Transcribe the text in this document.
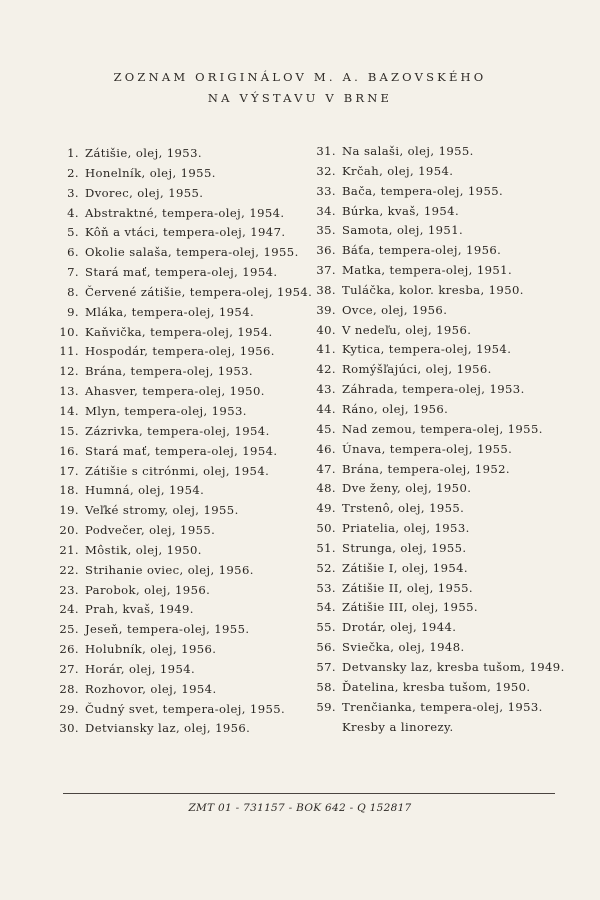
ZOZNAM ORIGINÁLOV M. A. BAZOVSKÉHO
NA VÝSTAVU V BRNE
1. Zátišie, olej, 1953.
2. Honelník, olej, 1955.
3. Dvorec, olej, 1955.
4. Abstraktné, tempera-olej, 1954.
5. Kôň a vtáci, tempera-olej, 1947.
6. Okolie salaša, tempera-olej, 1955.
7. Stará mať, tempera-olej, 1954.
8. Červené zátišie, tempera-olej, 1954.
9. Mláka, tempera-olej, 1954.
10. Kaňvička, tempera-olej, 1954.
11. Hospodár, tempera-olej, 1956.
12. Brána, tempera-olej, 1953.
13. Ahasver, tempera-olej, 1950.
14. Mlyn, tempera-olej, 1953.
15. Zázrivka, tempera-olej, 1954.
16. Stará mať, tempera-olej, 1954.
17. Zátišie s citrónmi, olej, 1954.
18. Humná, olej, 1954.
19. Veľké stromy, olej, 1955.
20. Podvečer, olej, 1955.
21. Môstik, olej, 1950.
22. Strihanie oviec, olej, 1956.
23. Parobok, olej, 1956.
24. Prah, kvaš, 1949.
25. Jeseň, tempera-olej, 1955.
26. Holubník, olej, 1956.
27. Horár, olej, 1954.
28. Rozhovor, olej, 1954.
29. Čudný svet, tempera-olej, 1955.
30. Detviansky laz, olej, 1956.
31. Na salaši, olej, 1955.
32. Krčah, olej, 1954.
33. Bača, tempera-olej, 1955.
34. Búrka, kvaš, 1954.
35. Samota, olej, 1951.
36. Báťa, tempera-olej, 1956.
37. Matka, tempera-olej, 1951.
38. Tuláčka, kolor. kresba, 1950.
39. Ovce, olej, 1956.
40. V nedeľu, olej, 1956.
41. Kytica, tempera-olej, 1954.
42. Romýšľajúci, olej, 1956.
43. Záhrada, tempera-olej, 1953.
44. Ráno, olej, 1956.
45. Nad zemou, tempera-olej, 1955.
46. Únava, tempera-olej, 1955.
47. Brána, tempera-olej, 1952.
48. Dve ženy, olej, 1950.
49. Trstenô, olej, 1955.
50. Priatelia, olej, 1953.
51. Strunga, olej, 1955.
52. Zátišie I, olej, 1954.
53. Zátišie II, olej, 1955.
54. Zátišie III, olej, 1955.
55. Drotár, olej, 1944.
56. Sviečka, olej, 1948.
57. Detvansky laz, kresba tušom, 1949.
58. Ďatelina, kresba tušom, 1950.
59. Trenčianka, tempera-olej, 1953.
Kresby a linorezy.
ZMT 01 - 731157 - BOK 642 - Q 152817
